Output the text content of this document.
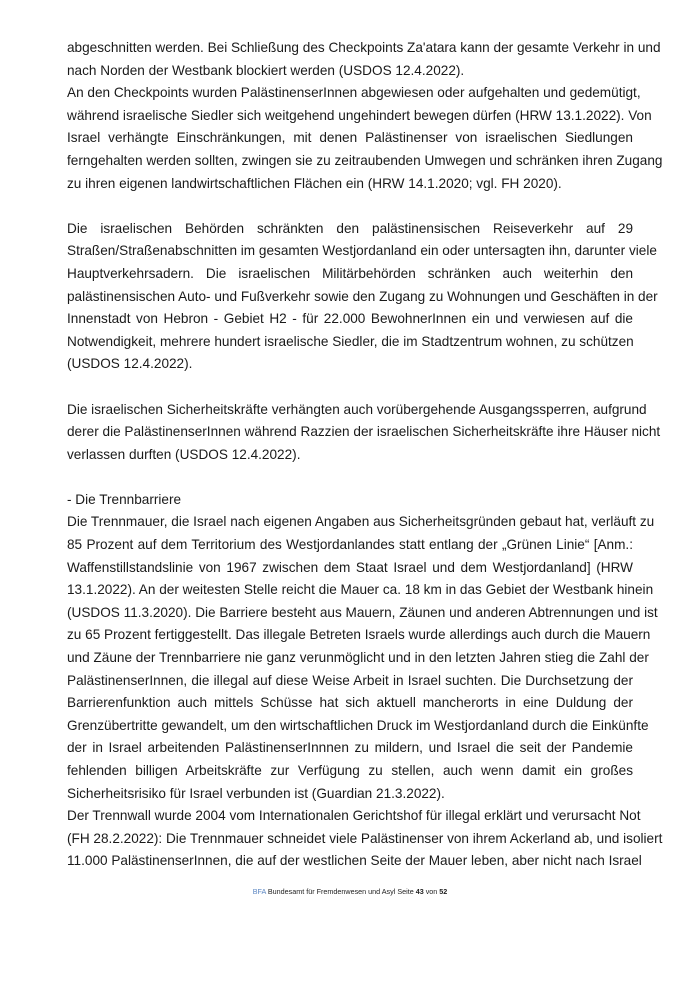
abgeschnitten werden. Bei Schließung des Checkpoints Za'atara kann der gesamte Verkehr in und
nach Norden der Westbank blockiert werden (USDOS 12.4.2022).
An den Checkpoints wurden PalästinenserInnen abgewiesen oder aufgehalten und gedemütigt,
während israelische Siedler sich weitgehend ungehindert bewegen dürfen (HRW 13.1.2022). Von
Israel verhängte Einschränkungen, mit denen Palästinenser von israelischen Siedlungen
ferngehalten werden sollten, zwingen sie zu zeitraubenden Umwegen und schränken ihren Zugang
zu ihren eigenen landwirtschaftlichen Flächen ein (HRW 14.1.2020; vgl. FH 2020).
Die israelischen Behörden schränkten den palästinensischen Reiseverkehr auf 29
Straßen/Straßenabschnitten im gesamten Westjordanland ein oder untersagten ihn, darunter viele
Hauptverkehrsadern. Die israelischen Militärbehörden schränken auch weiterhin den
palästinensischen Auto- und Fußverkehr sowie den Zugang zu Wohnungen und Geschäften in der
Innenstadt von Hebron - Gebiet H2 - für 22.000 BewohnerInnen ein und verwiesen auf die
Notwendigkeit, mehrere hundert israelische Siedler, die im Stadtzentrum wohnen, zu schützen
(USDOS 12.4.2022).
Die israelischen Sicherheitskräfte verhängten auch vorübergehende Ausgangssperren, aufgrund
derer die PalästinenserInnen während Razzien der israelischen Sicherheitskräfte ihre Häuser nicht
verlassen durften (USDOS 12.4.2022).
- Die Trennbarriere
Die Trennmauer, die Israel nach eigenen Angaben aus Sicherheitsgründen gebaut hat, verläuft zu
85 Prozent auf dem Territorium des Westjordanlandes statt entlang der „Grünen Linie“ [Anm.:
Waffenstillstandslinie von 1967 zwischen dem Staat Israel und dem Westjordanland] (HRW
13.1.2022). An der weitesten Stelle reicht die Mauer ca. 18 km in das Gebiet der Westbank hinein
(USDOS 11.3.2020). Die Barriere besteht aus Mauern, Zäunen und anderen Abtrennungen und ist
zu 65 Prozent fertiggestellt. Das illegale Betreten Israels wurde allerdings auch durch die Mauern
und Zäune der Trennbarriere nie ganz verunmöglicht und in den letzten Jahren stieg die Zahl der
PalästinenserInnen, die illegal auf diese Weise Arbeit in Israel suchten. Die Durchsetzung der
Barrierenfunktion auch mittels Schüsse hat sich aktuell mancherorts in eine Duldung der
Grenzübertritte gewandelt, um den wirtschaftlichen Druck im Westjordanland durch die Einkünfte
der in Israel arbeitenden PalästinenserInnnen zu mildern, und Israel die seit der Pandemie
fehlenden billigen Arbeitskräfte zur Verfügung zu stellen, auch wenn damit ein großes
Sicherheitsrisiko für Israel verbunden ist (Guardian 21.3.2022).
Der Trennwall wurde 2004 vom Internationalen Gerichtshof für illegal erklärt und verursacht Not
(FH 28.2.2022): Die Trennmauer schneidet viele Palästinenser von ihrem Ackerland ab, und isoliert
11.000 PalästinenserInnen, die auf der westlichen Seite der Mauer leben, aber nicht nach Israel
BFA Bundesamt für Fremdenwesen und Asyl Seite 43 von 52
